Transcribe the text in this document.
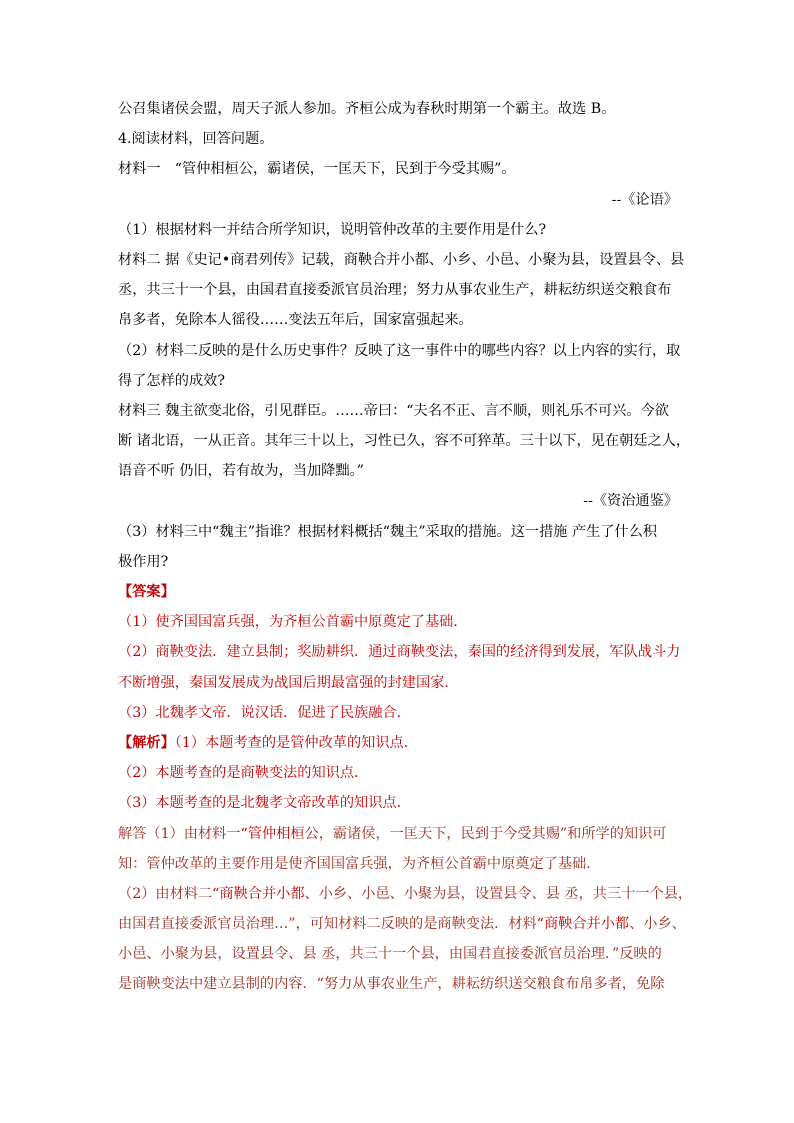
公召集诸侯会盟，周天子派人参加。齐桓公成为春秋时期第一个霸主。故选 B。
4.阅读材料，回答问题。
材料一　“管仲相桓公，霸诸侯，一匡天下，民到于今受其赐”。
--《论语》
（1）根据材料一并结合所学知识，说明管仲改革的主要作用是什么?
材料二 据《史记•商君列传》记载，商鞅合并小都、小乡、小邑、小聚为县，设置县令、县
丞，共三十一个县，由国君直接委派官员治理；努力从事农业生产，耕耘纺织送交粮食布
帛多者，免除本人徭役……变法五年后，国家富强起来。
（2）材料二反映的是什么历史事件？反映了这一事件中的哪些内容？以上内容的实行，取
得了怎样的成效?
材料三 魏主欲变北俗，引见群臣。……帝曰：“夫名不正、言不顺，则礼乐不可兴。今欲
断 诸北语，一从正音。其年三十以上，习性已久，容不可猝革。三十以下，见在朝廷之人，
语音不听 仍旧，若有故为，当加降黜。”
--《资治通鉴》
（3）材料三中“魏主”指谁？根据材料概括“魏主”采取的措施。这一措施 产生了什么积
极作用?
【答案】
（1）使齐国国富兵强，为齐桓公首霸中原奠定了基础．
（2）商鞅变法．建立县制；奖励耕织．通过商鞅变法，秦国的经济得到发展，军队战斗力
不断增强，秦国发展成为战国后期最富强的封建国家．
（3）北魏孝文帝．说汉话．促进了民族融合．
【解析】（1）本题考查的是管仲改革的知识点．
（2）本题考查的是商鞅变法的知识点．
（3）本题考查的是北魏孝文帝改革的知识点．
解答（1）由材料一“管仲相桓公，霸诸侯，一匡天下，民到于今受其赐”和所学的知识可
知：管仲改革的主要作用是使齐国国富兵强，为齐桓公首霸中原奠定了基础．
（2）由材料二“商鞅合并小都、小乡、小邑、小聚为县，设置县令、县 丞，共三十一个县，
由国君直接委派官员治理…”，可知材料二反映的是商鞅变法．材料“商鞅合并小都、小乡、
小邑、小聚为县，设置县令、县 丞，共三十一个县，由国君直接委派官员治理．”反映的
是商鞅变法中建立县制的内容．“努力从事农业生产，耕耘纺织送交粮食布帛多者，免除
